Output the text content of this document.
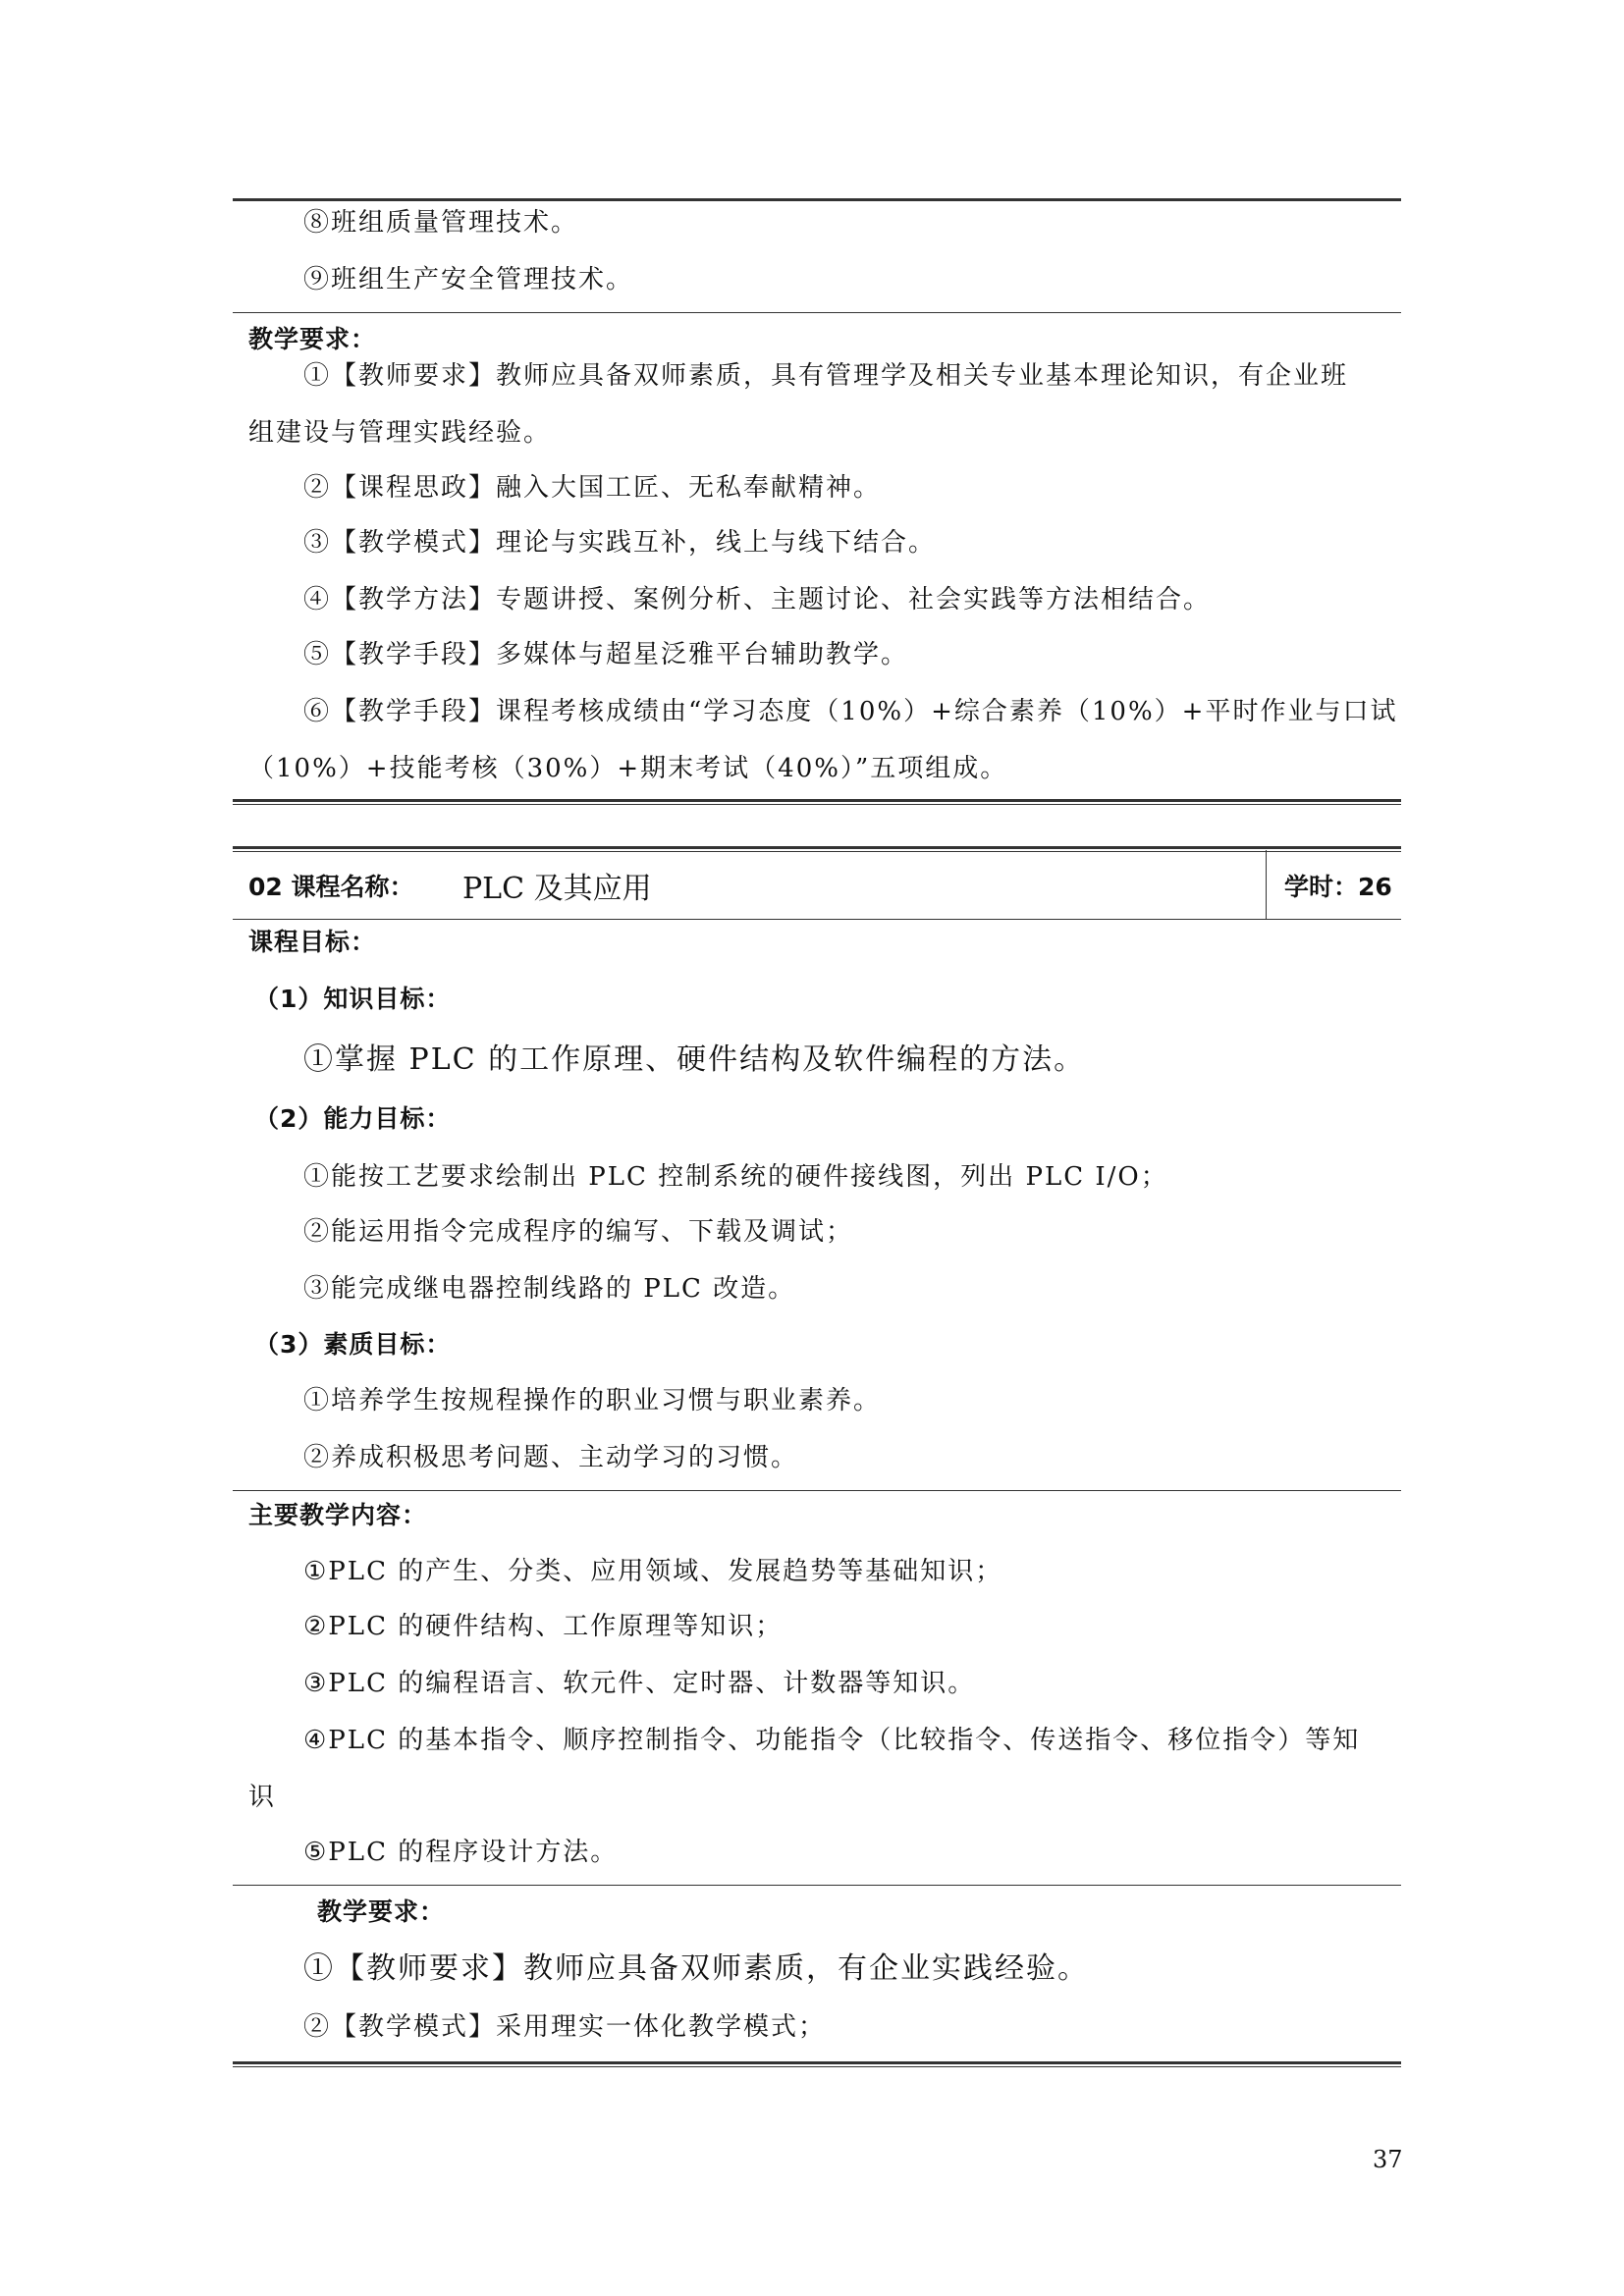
⑧班组质量管理技术。
⑨班组生产安全管理技术。
教学要求：
①【教师要求】教师应具备双师素质，具有管理学及相关专业基本理论知识，有企业班
组建设与管理实践经验。
②【课程思政】融入大国工匠、无私奉献精神。
③【教学模式】理论与实践互补，线上与线下结合。
④【教学方法】专题讲授、案例分析、主题讨论、社会实践等方法相结合。
⑤【教学手段】多媒体与超星泛雅平台辅助教学。
⑥【教学手段】课程考核成绩由“学习态度（10%）+综合素养（10%）+平时作业与口试
（10%）+技能考核（30%）+期末考试（40%）”五项组成。
02 课程名称： PLC 及其应用	学时：26
课程目标：
（1）知识目标：
①掌握 PLC 的工作原理、硬件结构及软件编程的方法。
（2）能力目标：
①能按工艺要求绘制出 PLC 控制系统的硬件接线图，列出 PLC I/O；
②能运用指令完成程序的编写、下载及调试；
③能完成继电器控制线路的 PLC 改造。
（3）素质目标：
①培养学生按规程操作的职业习惯与职业素养。
②养成积极思考问题、主动学习的习惯。
主要教学内容：
①PLC 的产生、分类、应用领域、发展趋势等基础知识；
②PLC 的硬件结构、工作原理等知识；
③PLC 的编程语言、软元件、定时器、计数器等知识。
④PLC 的基本指令、顺序控制指令、功能指令（比较指令、传送指令、移位指令）等知
识
⑤PLC 的程序设计方法。
教学要求：
①【教师要求】教师应具备双师素质，有企业实践经验。
②【教学模式】采用理实一体化教学模式；
37
